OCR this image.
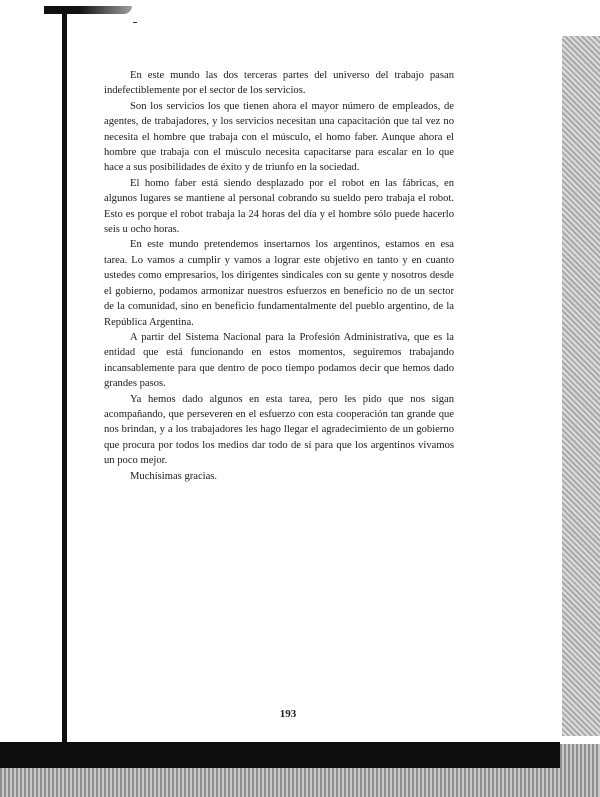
En este mundo las dos terceras partes del universo del trabajo pasan indefectiblemente por el sector de los servicios.

Son los servicios los que tienen ahora el mayor número de empleados, de agentes, de trabajadores, y los servicios necesitan una capacitación que tal vez no necesita el hombre que trabaja con el músculo, el homo faber. Aunque ahora el hombre que trabaja con el músculo necesita capacitarse para escalar en lo que hace a sus posibilidades de éxito y de triunfo en la sociedad.

El homo faber está siendo desplazado por el robot en las fábricas, en algunos lugares se mantiene al personal cobrando su sueldo pero trabaja el robot. Esto es porque el robot trabaja la 24 horas del día y el hombre sólo puede hacerlo seis u ocho horas.

En este mundo pretendemos insertarnos los argentinos, estamos en esa tarea. Lo vamos a cumplir y vamos a lograr este objetivo en tanto y en cuanto ustedes como empresarios, los dirigentes sindicales con su gente y nosotros desde el gobierno, podamos armonizar nuestros esfuerzos en beneficio no de un sector de la comunidad, sino en beneficio fundamentalmente del pueblo argentino, de la República Argentina.

A partir del Sistema Nacional para la Profesión Administrativa, que es la entidad que está funcionando en estos momentos, seguiremos trabajando incansablemente para que dentro de poco tiempo podamos decir que hemos dado grandes pasos.

Ya hemos dado algunos en esta tarea, pero les pido que nos sigan acompañando, que perseveren en el esfuerzo con esta cooperación tan grande que nos brindan, y a los trabajadores les hago llegar el agradecimiento de un gobierno que procura por todos los medios dar todo de sí para que los argentinos vivamos un poco mejor.

Muchísimas gracias.

193
